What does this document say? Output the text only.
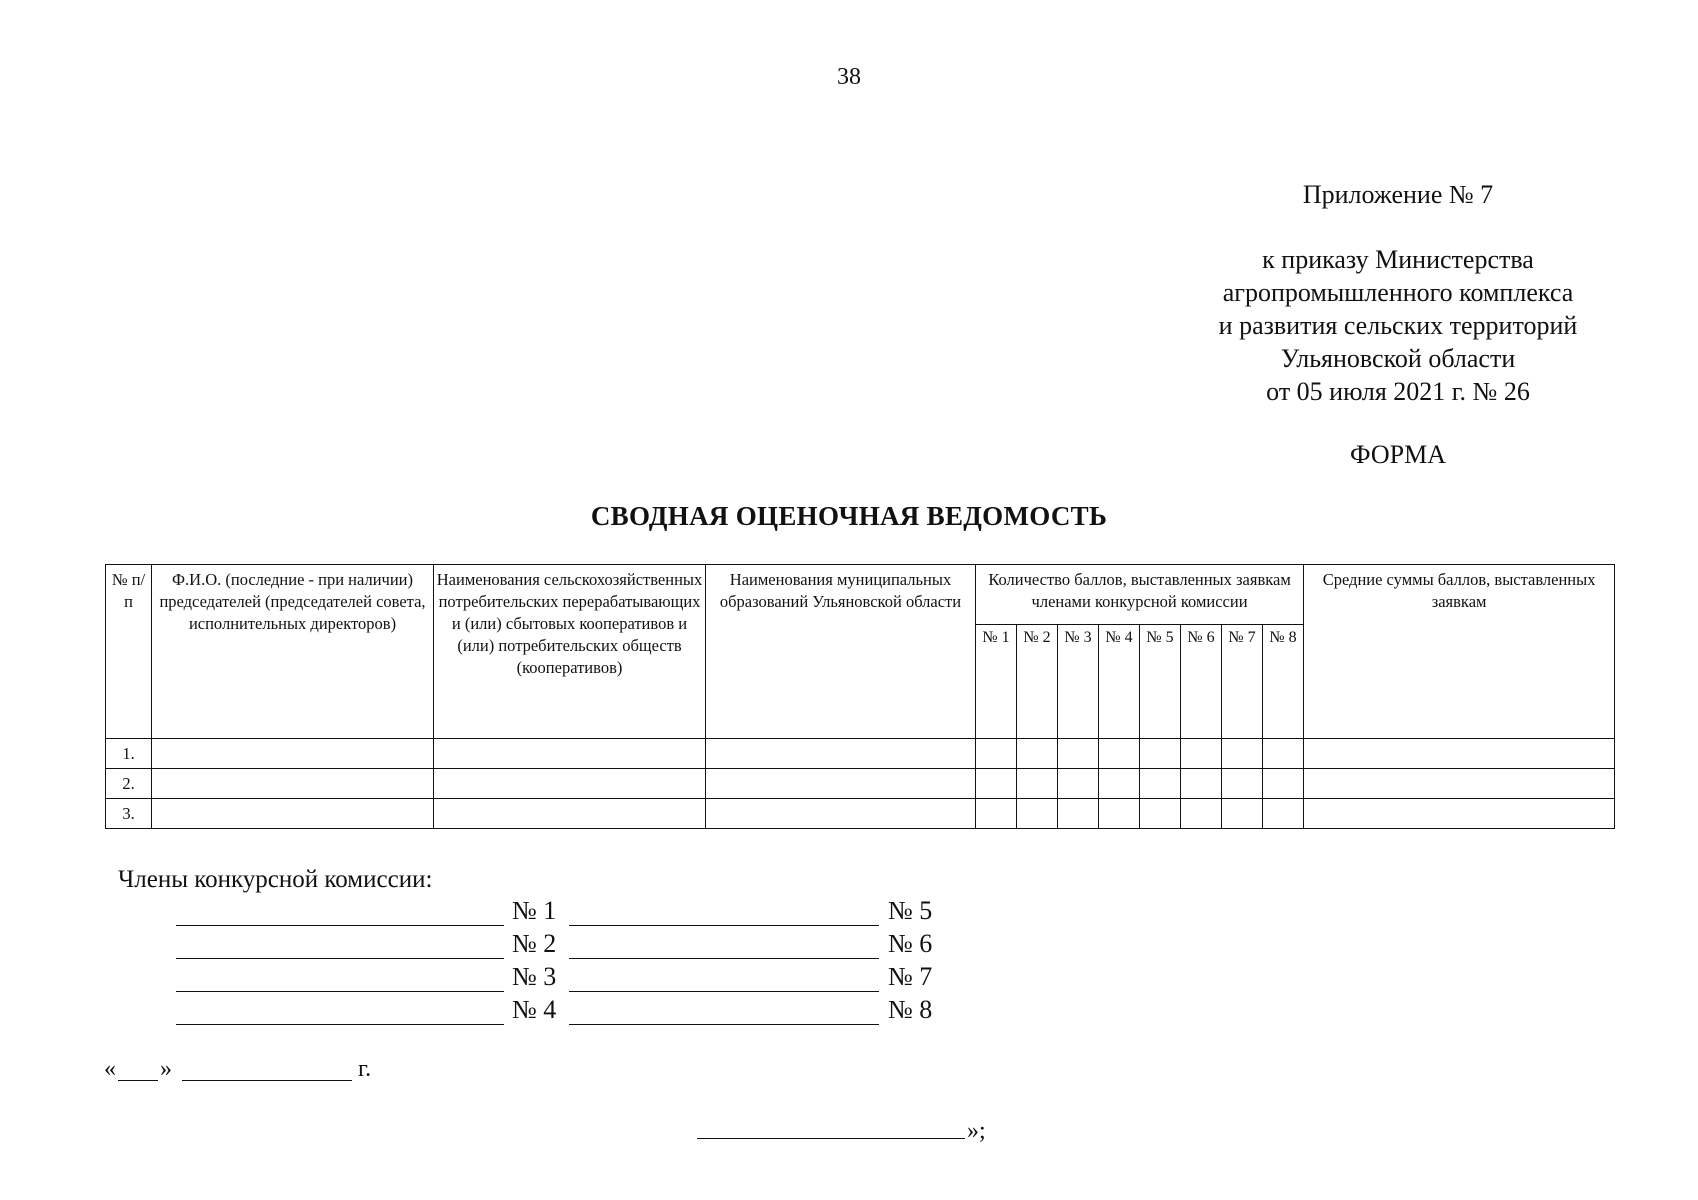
38
Приложение № 7
к приказу Министерства
агропромышленного комплекса
и развития сельских территорий
Ульяновской области
от 05 июля 2021 г. № 26
ФОРМА
СВОДНАЯ ОЦЕНОЧНАЯ ВЕДОМОСТЬ
№ п/п	Ф.И.О. (последние - при наличии) председателей (председателей совета, исполнительных директоров)	Наименования сельскохозяйственных потребительских перерабатывающих и (или) сбытовых кооперативов и (или) потребительских обществ (кооперативов)	Наименования муниципальных образований Ульяновской области	Количество баллов, выставленных заявкам членами конкурсной комиссии								Средние суммы баллов, выставленных заявкам

				№ 1	№ 2	№ 3	№ 4	№ 5	№ 6	№ 7	№ 8	
1.												
2.												
3.												
Члены конкурсной комиссии:
№ 1
№ 2
№ 3
№ 4
№ 5
№ 6
№ 7
№ 8
« »	г.
»;
